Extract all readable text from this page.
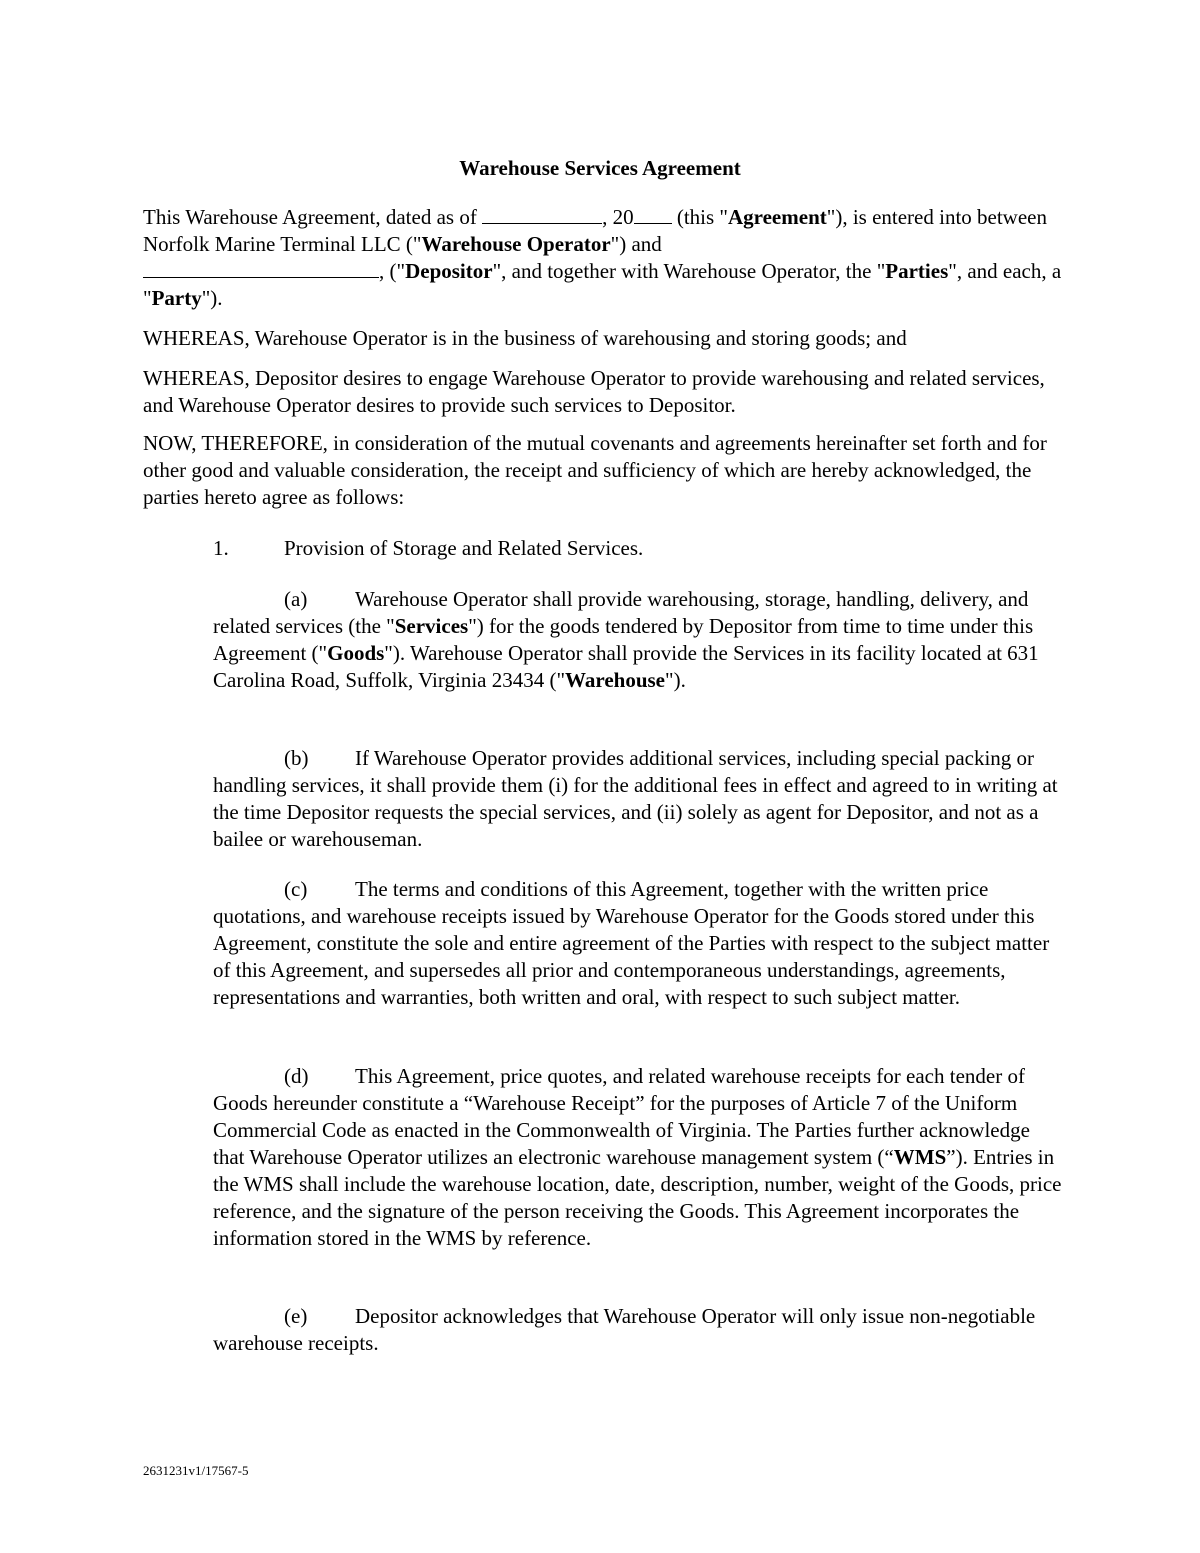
Warehouse Services Agreement

This Warehouse Agreement, dated as of	, 20 (this "Agreement"), is entered into between Norfolk Marine Terminal LLC ("Warehouse Operator") and
, ("Depositor", and together with Warehouse Operator, the "Parties", and each, a "Party").

WHEREAS, Warehouse Operator is in the business of warehousing and storing goods; and

WHEREAS, Depositor desires to engage Warehouse Operator to provide warehousing and related services, and Warehouse Operator desires to provide such services to Depositor.

NOW, THEREFORE, in consideration of the mutual covenants and agreements hereinafter set forth and for other good and valuable consideration, the receipt and sufficiency of which are hereby acknowledged, the parties hereto agree as follows:

1.	Provision of Storage and Related Services.

(a) Warehouse Operator shall provide warehousing, storage, handling, delivery, and related services (the "Services") for the goods tendered by Depositor from time to time under this Agreement ("Goods"). Warehouse Operator shall provide the Services in its facility located at 631 Carolina Road, Suffolk, Virginia 23434 ("Warehouse").

(b) If Warehouse Operator provides additional services, including special packing or handling services, it shall provide them (i) for the additional fees in effect and agreed to in writing at the time Depositor requests the special services, and (ii) solely as agent for Depositor, and not as a bailee or warehouseman.

(c) The terms and conditions of this Agreement, together with the written price quotations, and warehouse receipts issued by Warehouse Operator for the Goods stored under this Agreement, constitute the sole and entire agreement of the Parties with respect to the subject matter of this Agreement, and supersedes all prior and contemporaneous understandings, agreements, representations and warranties, both written and oral, with respect to such subject matter.

(d) This Agreement, price quotes, and related warehouse receipts for each tender of Goods hereunder constitute a “Warehouse Receipt” for the purposes of Article 7 of the Uniform Commercial Code as enacted in the Commonwealth of Virginia. The Parties further acknowledge that Warehouse Operator utilizes an electronic warehouse management system (“WMS”). Entries in the WMS shall include the warehouse location, date, description, number, weight of the Goods, price reference, and the signature of the person receiving the Goods. This Agreement incorporates the information stored in the WMS by reference.

(e) Depositor acknowledges that Warehouse Operator will only issue non-negotiable warehouse receipts.

2631231v1/17567-5
